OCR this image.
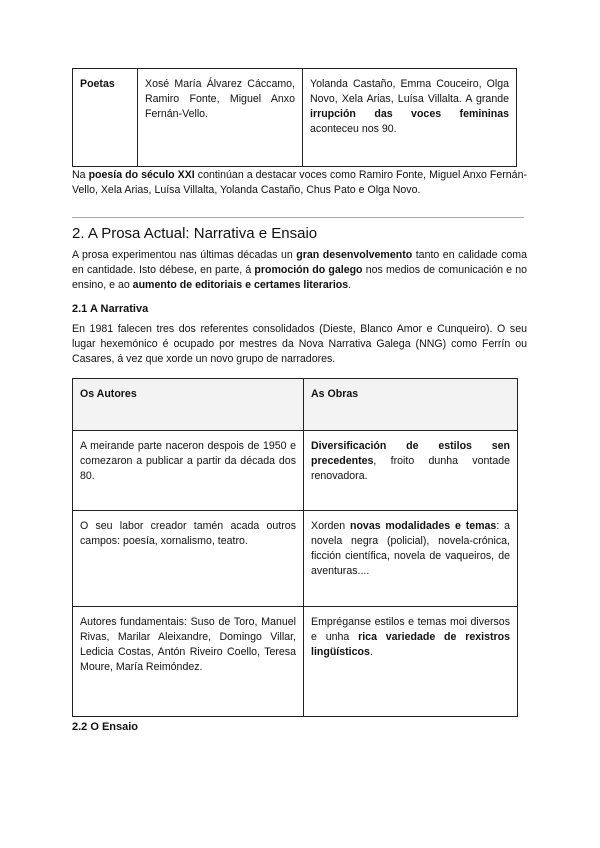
Poetas	Xosé María Álvarez Cáccamo, Ramiro Fonte, Miguel Anxo Fernán-Vello.	Yolanda Castaño, Emma Couceiro, Olga Novo, Xela Arias, Luísa Villalta. A grande irrupción das voces femininas aconteceu nos 90.
Na poesía do século XXI continúan a destacar voces como Ramiro Fonte, Miguel Anxo Fernán-Vello, Xela Arias, Luísa Villalta, Yolanda Castaño, Chus Pato e Olga Novo.
2. A Prosa Actual: Narrativa e Ensaio
A prosa experimentou nas últimas décadas un gran desenvolvemento tanto en calidade coma en cantidade. Isto débese, en parte, á promoción do galego nos medios de comunicación e no ensino, e ao aumento de editoriais e certames literarios.
2.1 A Narrativa
En 1981 falecen tres dos referentes consolidados (Dieste, Blanco Amor e Cunqueiro). O seu lugar hexemónico é ocupado por mestres da Nova Narrativa Galega (NNG) como Ferrín ou Casares, á vez que xorde un novo grupo de narradores.
Os Autores	As Obras
A meirande parte naceron despois de 1950 e comezaron a publicar a partir da década dos 80.	Diversificación de estilos sen precedentes, froito dunha vontade renovadora.
O seu labor creador tamén acada outros campos: poesía, xornalismo, teatro.	Xorden novas modalidades e temas: a novela negra (policial), novela-crónica, ficción científica, novela de vaqueiros, de aventuras....
Autores fundamentais: Suso de Toro, Manuel Rivas, Marilar Aleixandre, Domingo Villar, Ledicia Costas, Antón Riveiro Coello, Teresa Moure, María Reimóndez.	Empréganse estilos e temas moi diversos e unha rica variedade de rexistros lingüísticos.
2.2 O Ensaio
